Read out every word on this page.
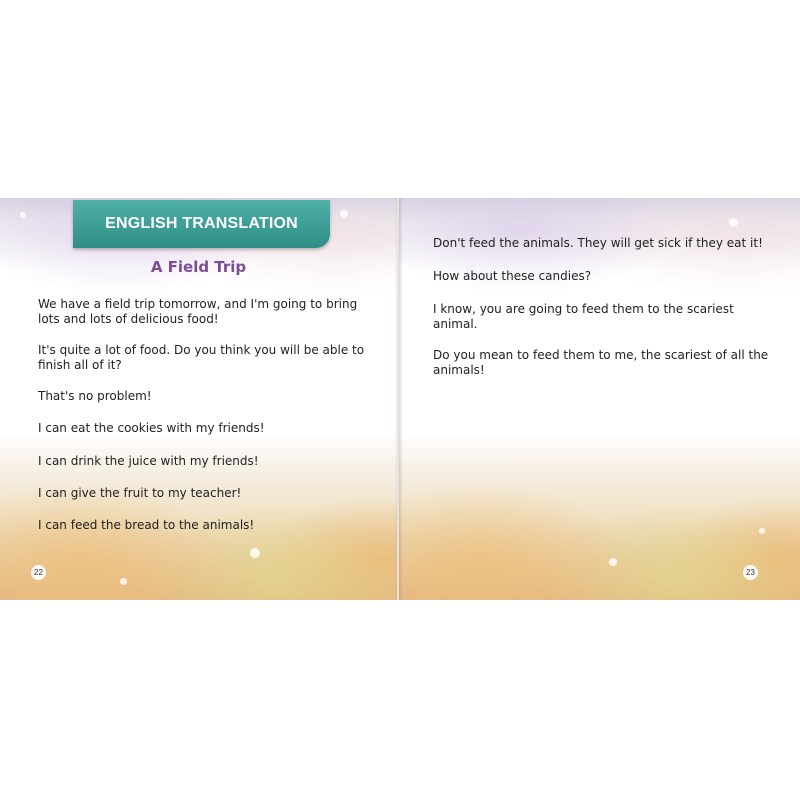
ENGLISH TRANSLATION
A Field Trip
We have a field trip tomorrow, and I'm going to bring
lots and lots of delicious food!
It's quite a lot of food. Do you think you will be able to
finish all of it?
That's no problem!
I can eat the cookies with my friends!
I can drink the juice with my friends!
I can give the fruit to my teacher!
I can feed the bread to the animals!
22
Don't feed the animals. They will get sick if they eat it!
How about these candies?
I know, you are going to feed them to the scariest
animal.
Do you mean to feed them to me, the scariest of all the
animals!
23
